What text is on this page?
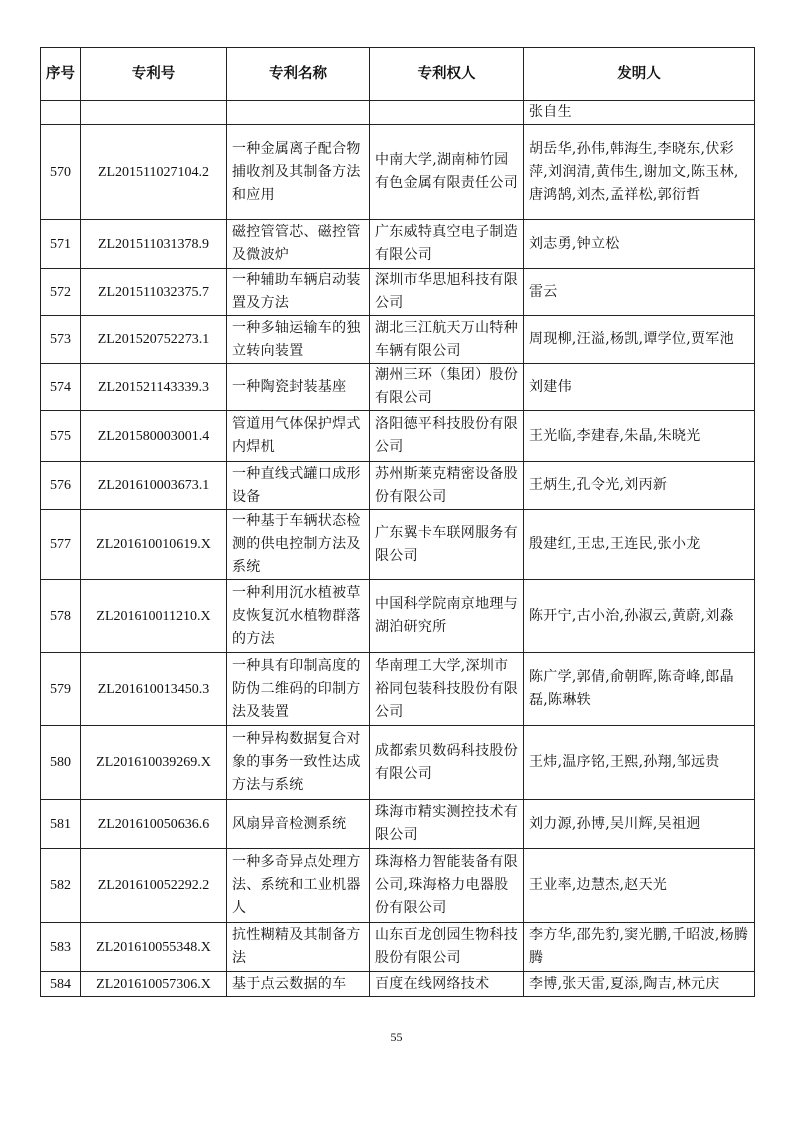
序号	专利号	专利名称	专利权人	发明人
				张自生
570	ZL201511027104.2	一种金属离子配合物捕收剂及其制备方法和应用	中南大学,湖南柿竹园有色金属有限责任公司	胡岳华,孙伟,韩海生,李晓东,伏彩萍,刘润清,黄伟生,谢加文,陈玉林,唐鸿鹄,刘杰,孟祥松,郭衍哲
571	ZL201511031378.9	磁控管管芯、磁控管及微波炉	广东威特真空电子制造有限公司	刘志勇,钟立松
572	ZL201511032375.7	一种辅助车辆启动装置及方法	深圳市华思旭科技有限公司	雷云
573	ZL201520752273.1	一种多轴运输车的独立转向装置	湖北三江航天万山特种车辆有限公司	周现柳,汪溢,杨凯,谭学位,贾军池
574	ZL201521143339.3	一种陶瓷封装基座	潮州三环（集团）股份有限公司	刘建伟
575	ZL201580003001.4	管道用气体保护焊式内焊机	洛阳德平科技股份有限公司	王光临,李建春,朱晶,朱晓光
576	ZL201610003673.1	一种直线式罐口成形设备	苏州斯莱克精密设备股份有限公司	王炳生,孔令光,刘丙新
577	ZL201610010619.X	一种基于车辆状态检测的供电控制方法及系统	广东翼卡车联网服务有限公司	殷建红,王忠,王连民,张小龙
578	ZL201610011210.X	一种利用沉水植被草皮恢复沉水植物群落的方法	中国科学院南京地理与湖泊研究所	陈开宁,古小治,孙淑云,黄蔚,刘淼
579	ZL201610013450.3	一种具有印制高度的防伪二维码的印制方法及装置	华南理工大学,深圳市裕同包装科技股份有限公司	陈广学,郭倩,俞朝晖,陈奇峰,郎晶磊,陈琳轶
580	ZL201610039269.X	一种异构数据复合对象的事务一致性达成方法与系统	成都索贝数码科技股份有限公司	王炜,温序铭,王熙,孙翔,邹远贵
581	ZL201610050636.6	风扇异音检测系统	珠海市精实测控技术有限公司	刘力源,孙博,吴川辉,吴祖迥
582	ZL201610052292.2	一种多奇异点处理方法、系统和工业机器人	珠海格力智能装备有限公司,珠海格力电器股份有限公司	王业率,边慧杰,赵天光
583	ZL201610055348.X	抗性糊精及其制备方法	山东百龙创园生物科技股份有限公司	李方华,邵先豹,窦光鹏,千昭波,杨腾腾
584	ZL201610057306.X	基于点云数据的车	百度在线网络技术	李博,张天雷,夏添,陶吉,林元庆
55
